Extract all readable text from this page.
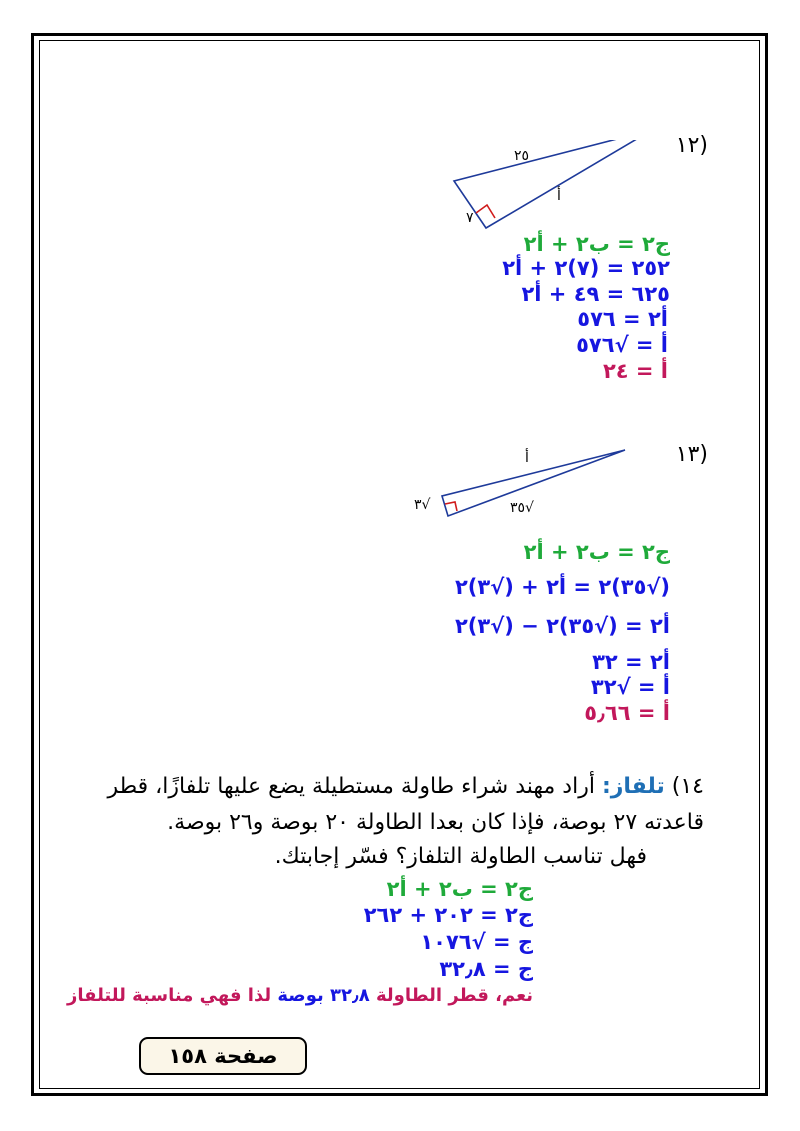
(١٢
٢٥
٧
أ
ج٢ = ب٢ + أ٢
٢٥٢ = (٧)٢ + أ٢
٦٢٥ = ٤٩ + أ٢
أ٢ = ٥٧٦
أ = √٥٧٦
أ = ٢٤
(١٣
أ
√٣	√٣٥
ج٢ = ب٢ + أ٢
(√٣٥)٢ = أ٢ + (√٣)٢
أ٢ = (√٣٥)٢ − (√٣)٢
أ٢ = ٣٢
أ = √٣٢
أ = ٥٫٦٦
١٤) تلفاز: أراد مهند شراء طاولة مستطيلة يضع عليها تلفازًا، قطر
قاعدته ٢٧ بوصة، فإذا كان بعدا الطاولة ٢٠ بوصة و٢٦ بوصة.
فهل تناسب الطاولة التلفاز؟ فسّر إجابتك.
ج٢ = ب٢ + أ٢
ج٢ = ٢٠٢ + ٢٦٢
ج = √١٠٧٦
ج = ٣٢٫٨
نعم، قطر الطاولة ٣٢٫٨ بوصة لذا فهي مناسبة للتلفاز
صفحة ١٥٨
